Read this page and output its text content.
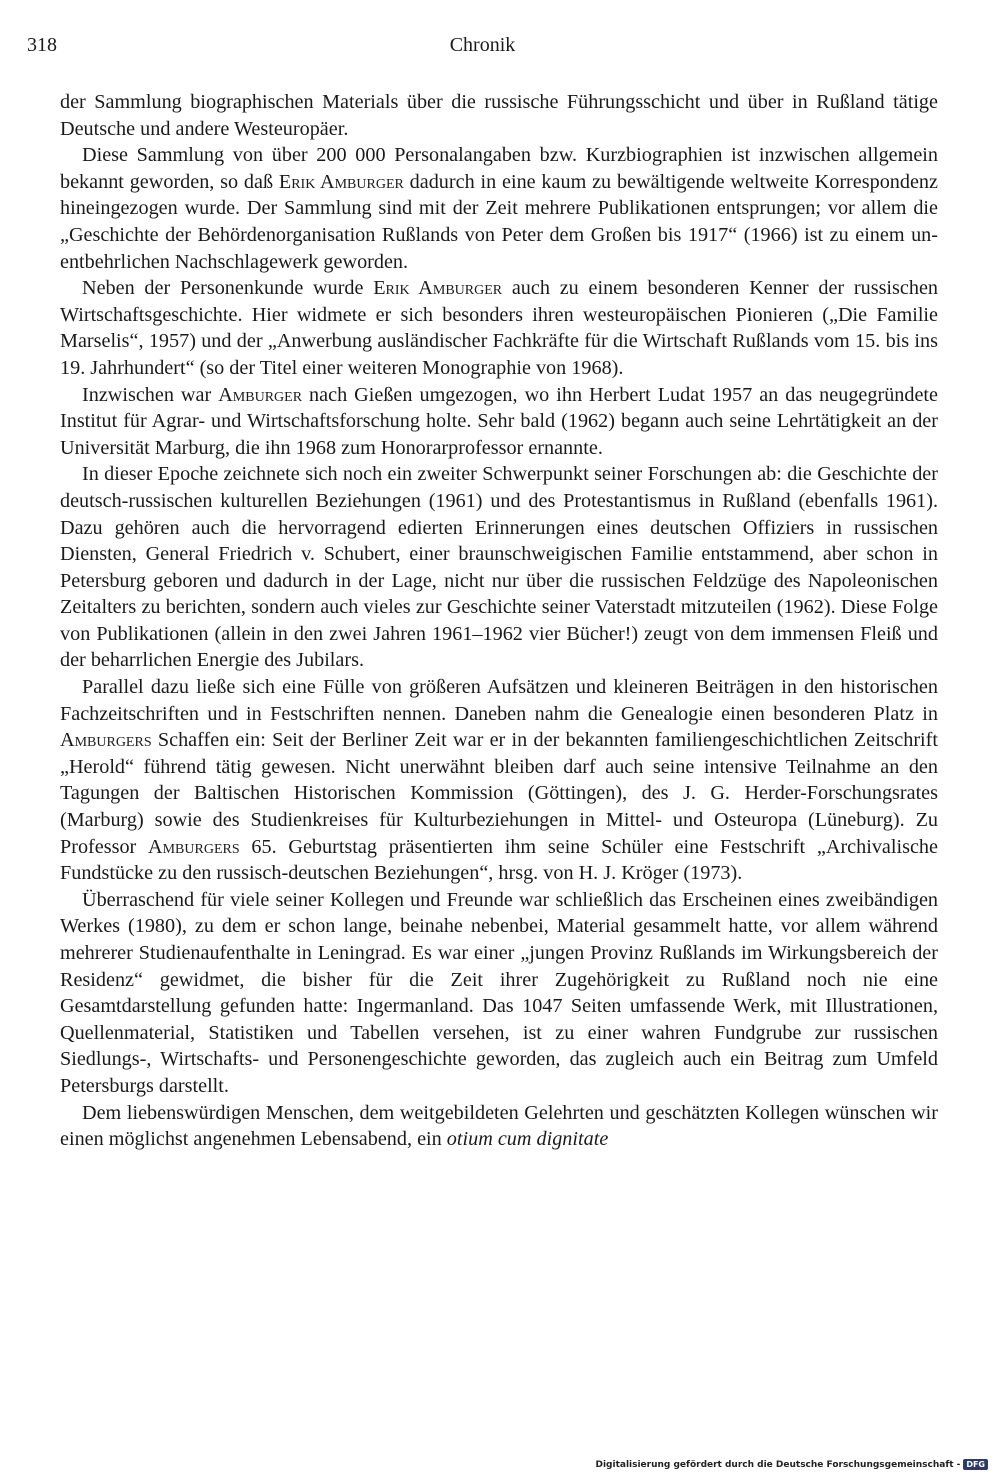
318	Chronik

der Sammlung biographischen Materials über die russische Führungsschicht und über in Rußland tätige Deutsche und andere Westeuropäer.

Diese Sammlung von über 200 000 Personalangaben bzw. Kurzbiographien ist inzwischen allgemein bekannt geworden, so daß Erik Amburger dadurch in eine kaum zu bewältigende weltweite Korrespondenz hineingezogen wurde. Der Sammlung sind mit der Zeit mehrere Publikationen entsprungen; vor allem die „Geschichte der Behördenorganisation Rußlands von Peter dem Großen bis 1917“ (1966) ist zu einem unentbehrlichen Nachschlagewerk geworden.

Neben der Personenkunde wurde Erik Amburger auch zu einem besonderen Kenner der russischen Wirtschaftsgeschichte. Hier widmete er sich besonders ihren westeuropäischen Pionieren („Die Familie Marselis“, 1957) und der „Anwerbung ausländischer Fachkräfte für die Wirtschaft Rußlands vom 15. bis ins 19. Jahrhundert“ (so der Titel einer weiteren Monographie von 1968).

Inzwischen war Amburger nach Gießen umgezogen, wo ihn Herbert Ludat 1957 an das neugegründete Institut für Agrar- und Wirtschaftsforschung holte. Sehr bald (1962) begann auch seine Lehrtätigkeit an der Universität Marburg, die ihn 1968 zum Honorarprofessor ernannte.

In dieser Epoche zeichnete sich noch ein zweiter Schwerpunkt seiner Forschungen ab: die Geschichte der deutsch-russischen kulturellen Beziehungen (1961) und des Protestantismus in Rußland (ebenfalls 1961). Dazu gehören auch die hervorragend edierten Erinnerungen eines deutschen Offiziers in russischen Diensten, General Friedrich v. Schubert, einer braunschweigischen Familie entstammend, aber schon in Petersburg geboren und dadurch in der Lage, nicht nur über die russischen Feldzüge des Napoleonischen Zeitalters zu berichten, sondern auch vieles zur Geschichte seiner Vaterstadt mitzuteilen (1962). Diese Folge von Publikationen (allein in den zwei Jahren 1961–1962 vier Bücher!) zeugt von dem immensen Fleiß und der beharrlichen Energie des Jubilars.

Parallel dazu ließe sich eine Fülle von größeren Aufsätzen und kleineren Beiträgen in den historischen Fachzeitschriften und in Festschriften nennen. Daneben nahm die Genealogie einen besonderen Platz in Amburgers Schaffen ein: Seit der Berliner Zeit war er in der bekannten familiengeschichtlichen Zeitschrift „Herold“ führend tätig gewesen. Nicht unerwähnt bleiben darf auch seine intensive Teilnahme an den Tagungen der Baltischen Historischen Kommission (Göttingen), des J. G. Herder-Forschungsrates (Marburg) sowie des Studienkreises für Kulturbeziehungen in Mittel- und Osteuropa (Lüneburg). Zu Professor Amburgers 65. Geburtstag präsentierten ihm seine Schüler eine Festschrift „Archivalische Fundstücke zu den russisch-deutschen Beziehungen“, hrsg. von H. J. Kröger (1973).

Überraschend für viele seiner Kollegen und Freunde war schließlich das Erscheinen eines zweibändigen Werkes (1980), zu dem er schon lange, beinahe nebenbei, Material gesammelt hatte, vor allem während mehrerer Studienaufenthalte in Leningrad. Es war einer „jungen Provinz Rußlands im Wirkungsbereich der Residenz“ gewidmet, die bisher für die Zeit ihrer Zugehörigkeit zu Rußland noch nie eine Gesamtdarstellung gefunden hatte: Ingermanland. Das 1047 Seiten umfassende Werk, mit Illustrationen, Quellenmaterial, Statistiken und Tabellen versehen, ist zu einer wahren Fundgrube zur russischen Siedlungs-, Wirtschafts- und Personengeschichte geworden, das zugleich auch ein Beitrag zum Umfeld Petersburgs darstellt.

Dem liebenswürdigen Menschen, dem weitgebildeten Gelehrten und geschätzten Kollegen wünschen wir einen möglichst angenehmen Lebensabend, ein otium cum dignitate

Digitalisierung gefördert durch die Deutsche Forschungsgemeinschaft - DFG
